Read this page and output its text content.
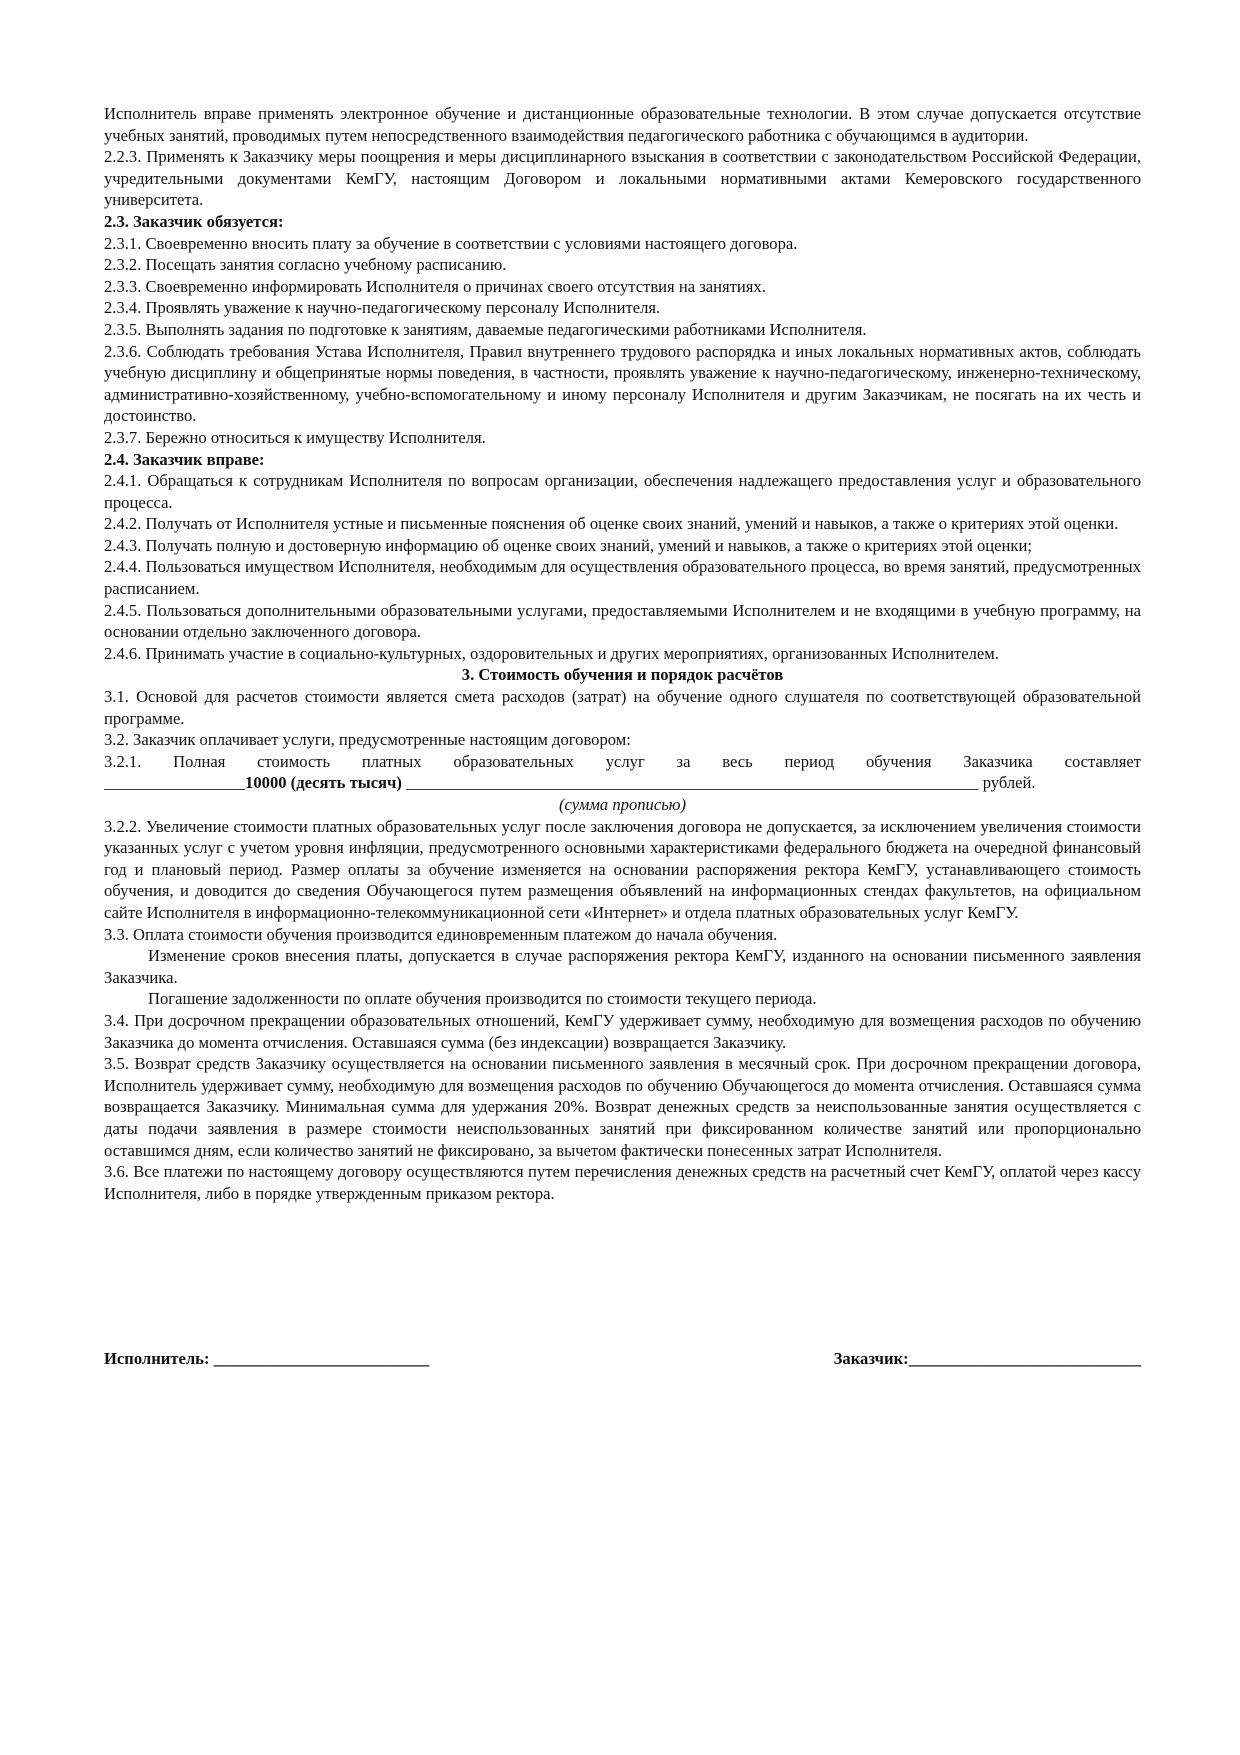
Исполнитель вправе применять электронное обучение и дистанционные образовательные технологии. В этом случае допускается отсутствие учебных занятий, проводимых путем непосредственного взаимодействия педагогического работника с обучающимся в аудитории.

2.2.3. Применять к Заказчику меры поощрения и меры дисциплинарного взыскания в соответствии с законодательством Российской Федерации, учредительными документами КемГУ, настоящим Договором и локальными нормативными актами Кемеровского государственного университета.

2.3. Заказчик обязуется:

2.3.1. Своевременно вносить плату за обучение в соответствии с условиями настоящего договора.

2.3.2. Посещать занятия согласно учебному расписанию.

2.3.3. Своевременно информировать Исполнителя о причинах своего отсутствия на занятиях.

2.3.4. Проявлять уважение к научно-педагогическому персоналу Исполнителя.

2.3.5. Выполнять задания по подготовке к занятиям, даваемые педагогическими работниками Исполнителя.

2.3.6. Соблюдать требования Устава Исполнителя, Правил внутреннего трудового распорядка и иных локальных нормативных актов, соблюдать учебную дисциплину и общепринятые нормы поведения, в частности, проявлять уважение к научно-педагогическому, инженерно-техническому, административно-хозяйственному, учебно-вспомогательному и иному персоналу Исполнителя и другим Заказчикам, не посягать на их честь и достоинство.

2.3.7. Бережно относиться к имуществу Исполнителя.

2.4. Заказчик вправе:

2.4.1. Обращаться к сотрудникам Исполнителя по вопросам организации, обеспечения надлежащего предоставления услуг и образовательного процесса.

2.4.2. Получать от Исполнителя устные и письменные пояснения об оценке своих знаний, умений и навыков, а также о критериях этой оценки.

2.4.3. Получать полную и достоверную информацию об оценке своих знаний, умений и навыков, а также о критериях этой оценки;

2.4.4. Пользоваться имуществом Исполнителя, необходимым для осуществления образовательного процесса, во время занятий, предусмотренных расписанием.

2.4.5. Пользоваться дополнительными образовательными услугами, предоставляемыми Исполнителем и не входящими в учебную программу, на основании отдельно заключенного договора.

2.4.6. Принимать участие в социально-культурных, оздоровительных и других мероприятиях, организованных Исполнителем.

3. Стоимость обучения и порядок расчётов

3.1. Основой для расчетов стоимости является смета расходов (затрат) на обучение одного слушателя по соответствующей образовательной программе.

3.2. Заказчик оплачивает услуги, предусмотренные настоящим договором:

3.2.1. Полная стоимость платных образовательных услуг за весь период обучения Заказчика составляет

_________________10000 (десять тысяч) _____________________________________________________________________ рублей.

(сумма прописью)

3.2.2. Увеличение стоимости платных образовательных услуг после заключения договора не допускается, за исключением увеличения стоимости указанных услуг с учетом уровня инфляции, предусмотренного основными характеристиками федерального бюджета на очередной финансовый год и плановый период. Размер оплаты за обучение изменяется на основании распоряжения ректора КемГУ, устанавливающего стоимость обучения, и доводится до сведения Обучающегося путем размещения объявлений на информационных стендах факультетов, на официальном сайте Исполнителя в информационно-телекоммуникационной сети «Интернет» и отдела платных образовательных услуг КемГУ.

3.3. Оплата стоимости обучения производится единовременным платежом до начала обучения.

Изменение сроков внесения платы, допускается в случае распоряжения ректора КемГУ, изданного на основании письменного заявления Заказчика.

Погашение задолженности по оплате обучения производится по стоимости текущего периода.

3.4. При досрочном прекращении образовательных отношений, КемГУ удерживает сумму, необходимую для возмещения расходов по обучению Заказчика до момента отчисления. Оставшаяся сумма (без индексации) возвращается Заказчику.

3.5. Возврат средств Заказчику осуществляется на основании письменного заявления в месячный срок. При досрочном прекращении договора, Исполнитель удерживает сумму, необходимую для возмещения расходов по обучению Обучающегося до момента отчисления. Оставшаяся сумма возвращается Заказчику. Минимальная сумма для удержания 20%. Возврат денежных средств за неиспользованные занятия осуществляется с даты подачи заявления в размере стоимости неиспользованных занятий при фиксированном количестве занятий или пропорционально оставшимся дням, если количество занятий не фиксировано, за вычетом фактически понесенных затрат Исполнителя.

3.6. Все платежи по настоящему договору осуществляются путем перечисления денежных средств на расчетный счет КемГУ, оплатой через кассу Исполнителя, либо в порядке утвержденным приказом ректора.

Исполнитель: __________________________	Заказчик:____________________________
